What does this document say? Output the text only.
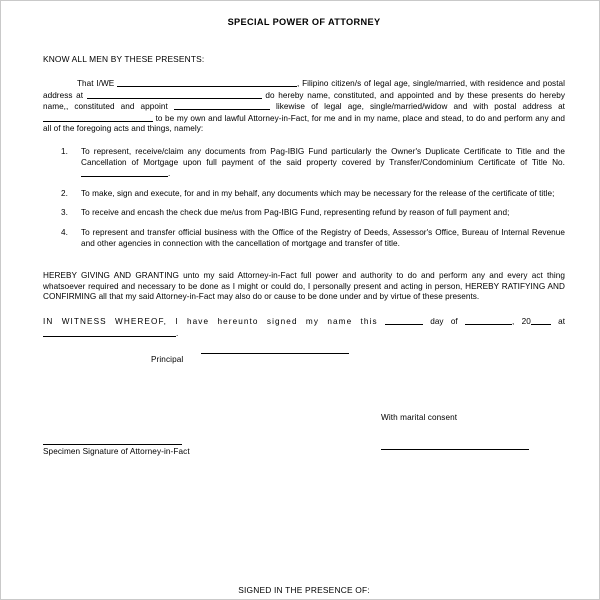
SPECIAL POWER OF ATTORNEY

KNOW ALL MEN BY THESE PRESENTS:

That I/WE	, Filipino citizen/s of legal age, single/married, with residence and postal address at	do hereby name, constituted, and appointed and by these presents do hereby name,, constituted and appoint	likewise of legal age, single/married/widow and with postal address at  to be my own and lawful Attorney-in-Fact, for me and in my name, place and stead, to do and perform any and all of the foregoing acts and things, namely:

1. To represent, receive/claim any documents from Pag-IBIG Fund particularly the Owner's Duplicate Certificate to Title and the Cancellation of Mortgage upon full payment of the said property covered by Transfer/Condominium Certificate of Title No. .
2. To make, sign and execute, for and in my behalf, any documents which may be necessary for the release of the certificate of title;
3. To receive and encash the check due me/us from Pag-IBIG Fund, representing refund by reason of full payment and;
4. To represent and transfer official business with the Office of the Registry of Deeds, Assessor's Office, Bureau of Internal Revenue and other agencies in connection with the cancellation of mortgage and transfer of title.

HEREBY GIVING AND GRANTING unto my said Attorney-in-Fact full power and authority to do and perform any and every act thing whatsoever required and necessary to be done as I might or could do, I personally present and acting in person, HEREBY RATIFYING AND CONFIRMING all that my said Attorney-in-Fact may also do or cause to be done under and by virtue of these presents.

IN WITNESS WHEREOF, I have hereunto signed my name this	day of	, 20	at.

Principal
With marital consent
Specimen Signature of Attorney-in-Fact

SIGNED IN THE PRESENCE OF:
